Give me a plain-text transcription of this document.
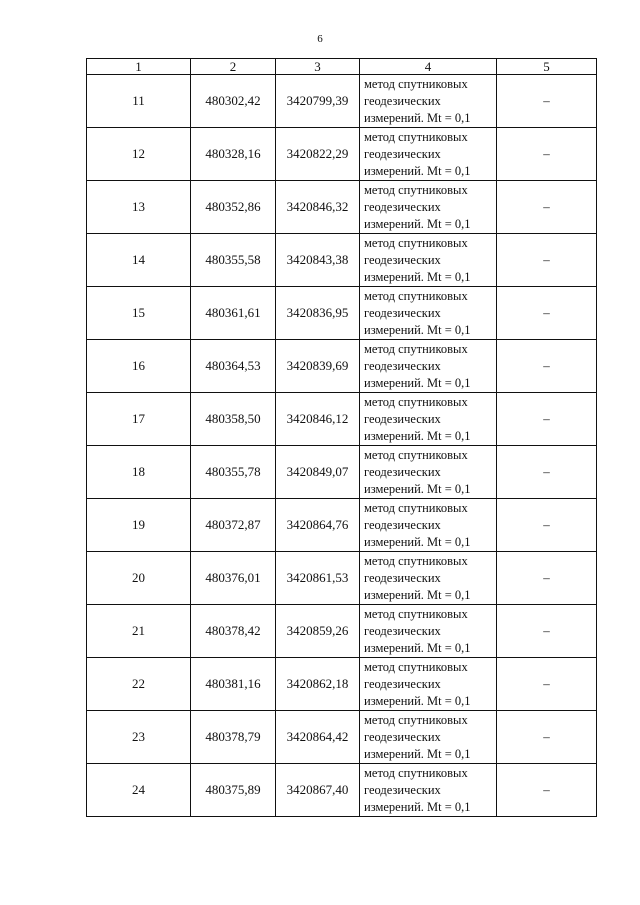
6
1	2	3	4	5
11	480302,42	3420799,39	метод спутниковых
геодезических
измерений. Mt = 0,1	–
12	480328,16	3420822,29	метод спутниковых
геодезических
измерений. Mt = 0,1	–
13	480352,86	3420846,32	метод спутниковых
геодезических
измерений. Mt = 0,1	–
14	480355,58	3420843,38	метод спутниковых
геодезических
измерений. Mt = 0,1	–
15	480361,61	3420836,95	метод спутниковых
геодезических
измерений. Mt = 0,1	–
16	480364,53	3420839,69	метод спутниковых
геодезических
измерений. Mt = 0,1	–
17	480358,50	3420846,12	метод спутниковых
геодезических
измерений. Mt = 0,1	–
18	480355,78	3420849,07	метод спутниковых
геодезических
измерений. Mt = 0,1	–
19	480372,87	3420864,76	метод спутниковых
геодезических
измерений. Mt = 0,1	–
20	480376,01	3420861,53	метод спутниковых
геодезических
измерений. Mt = 0,1	–
21	480378,42	3420859,26	метод спутниковых
геодезических
измерений. Mt = 0,1	–
22	480381,16	3420862,18	метод спутниковых
геодезических
измерений. Mt = 0,1	–
23	480378,79	3420864,42	метод спутниковых
геодезических
измерений. Mt = 0,1	–
24	480375,89	3420867,40	метод спутниковых
геодезических
измерений. Mt = 0,1	–
